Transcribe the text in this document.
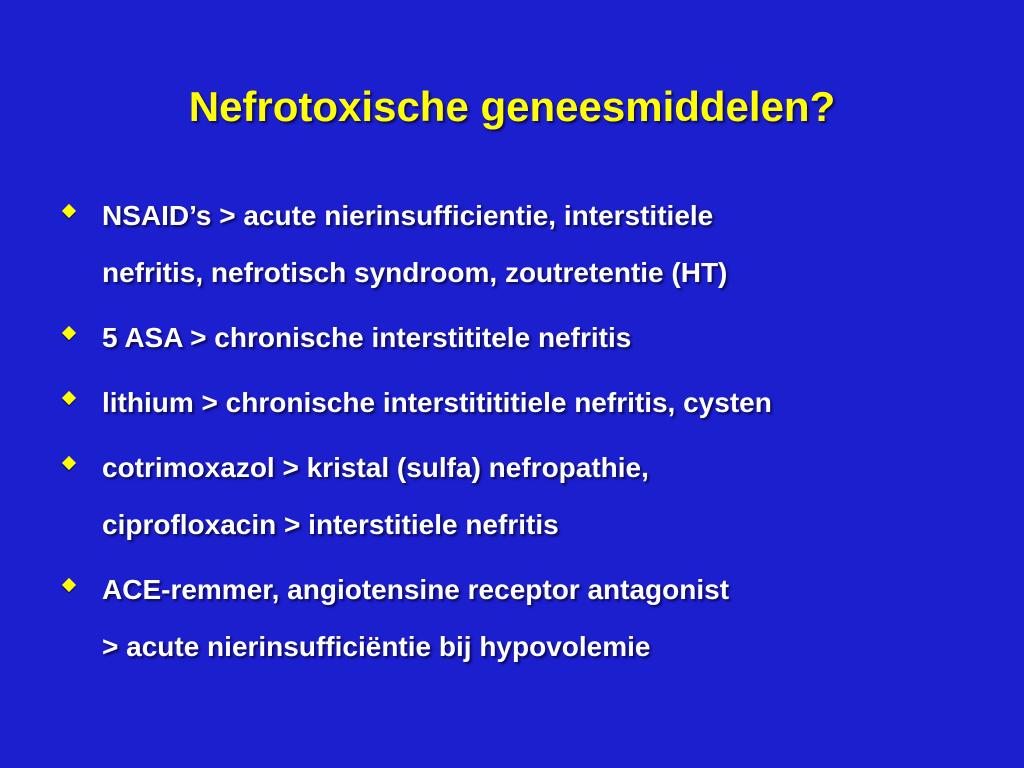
Nefrotoxische geneesmiddelen?
NSAID’s > acute nierinsufficientie, interstitiele
nefritis, nefrotisch syndroom, zoutretentie (HT)
5 ASA > chronische interstititele nefritis
lithium > chronische interstitititiele nefritis, cysten
cotrimoxazol > kristal (sulfa) nefropathie,
ciprofloxacin > interstitiele nefritis
ACE-remmer, angiotensine receptor antagonist
> acute nierinsufficiëntie bij hypovolemie
